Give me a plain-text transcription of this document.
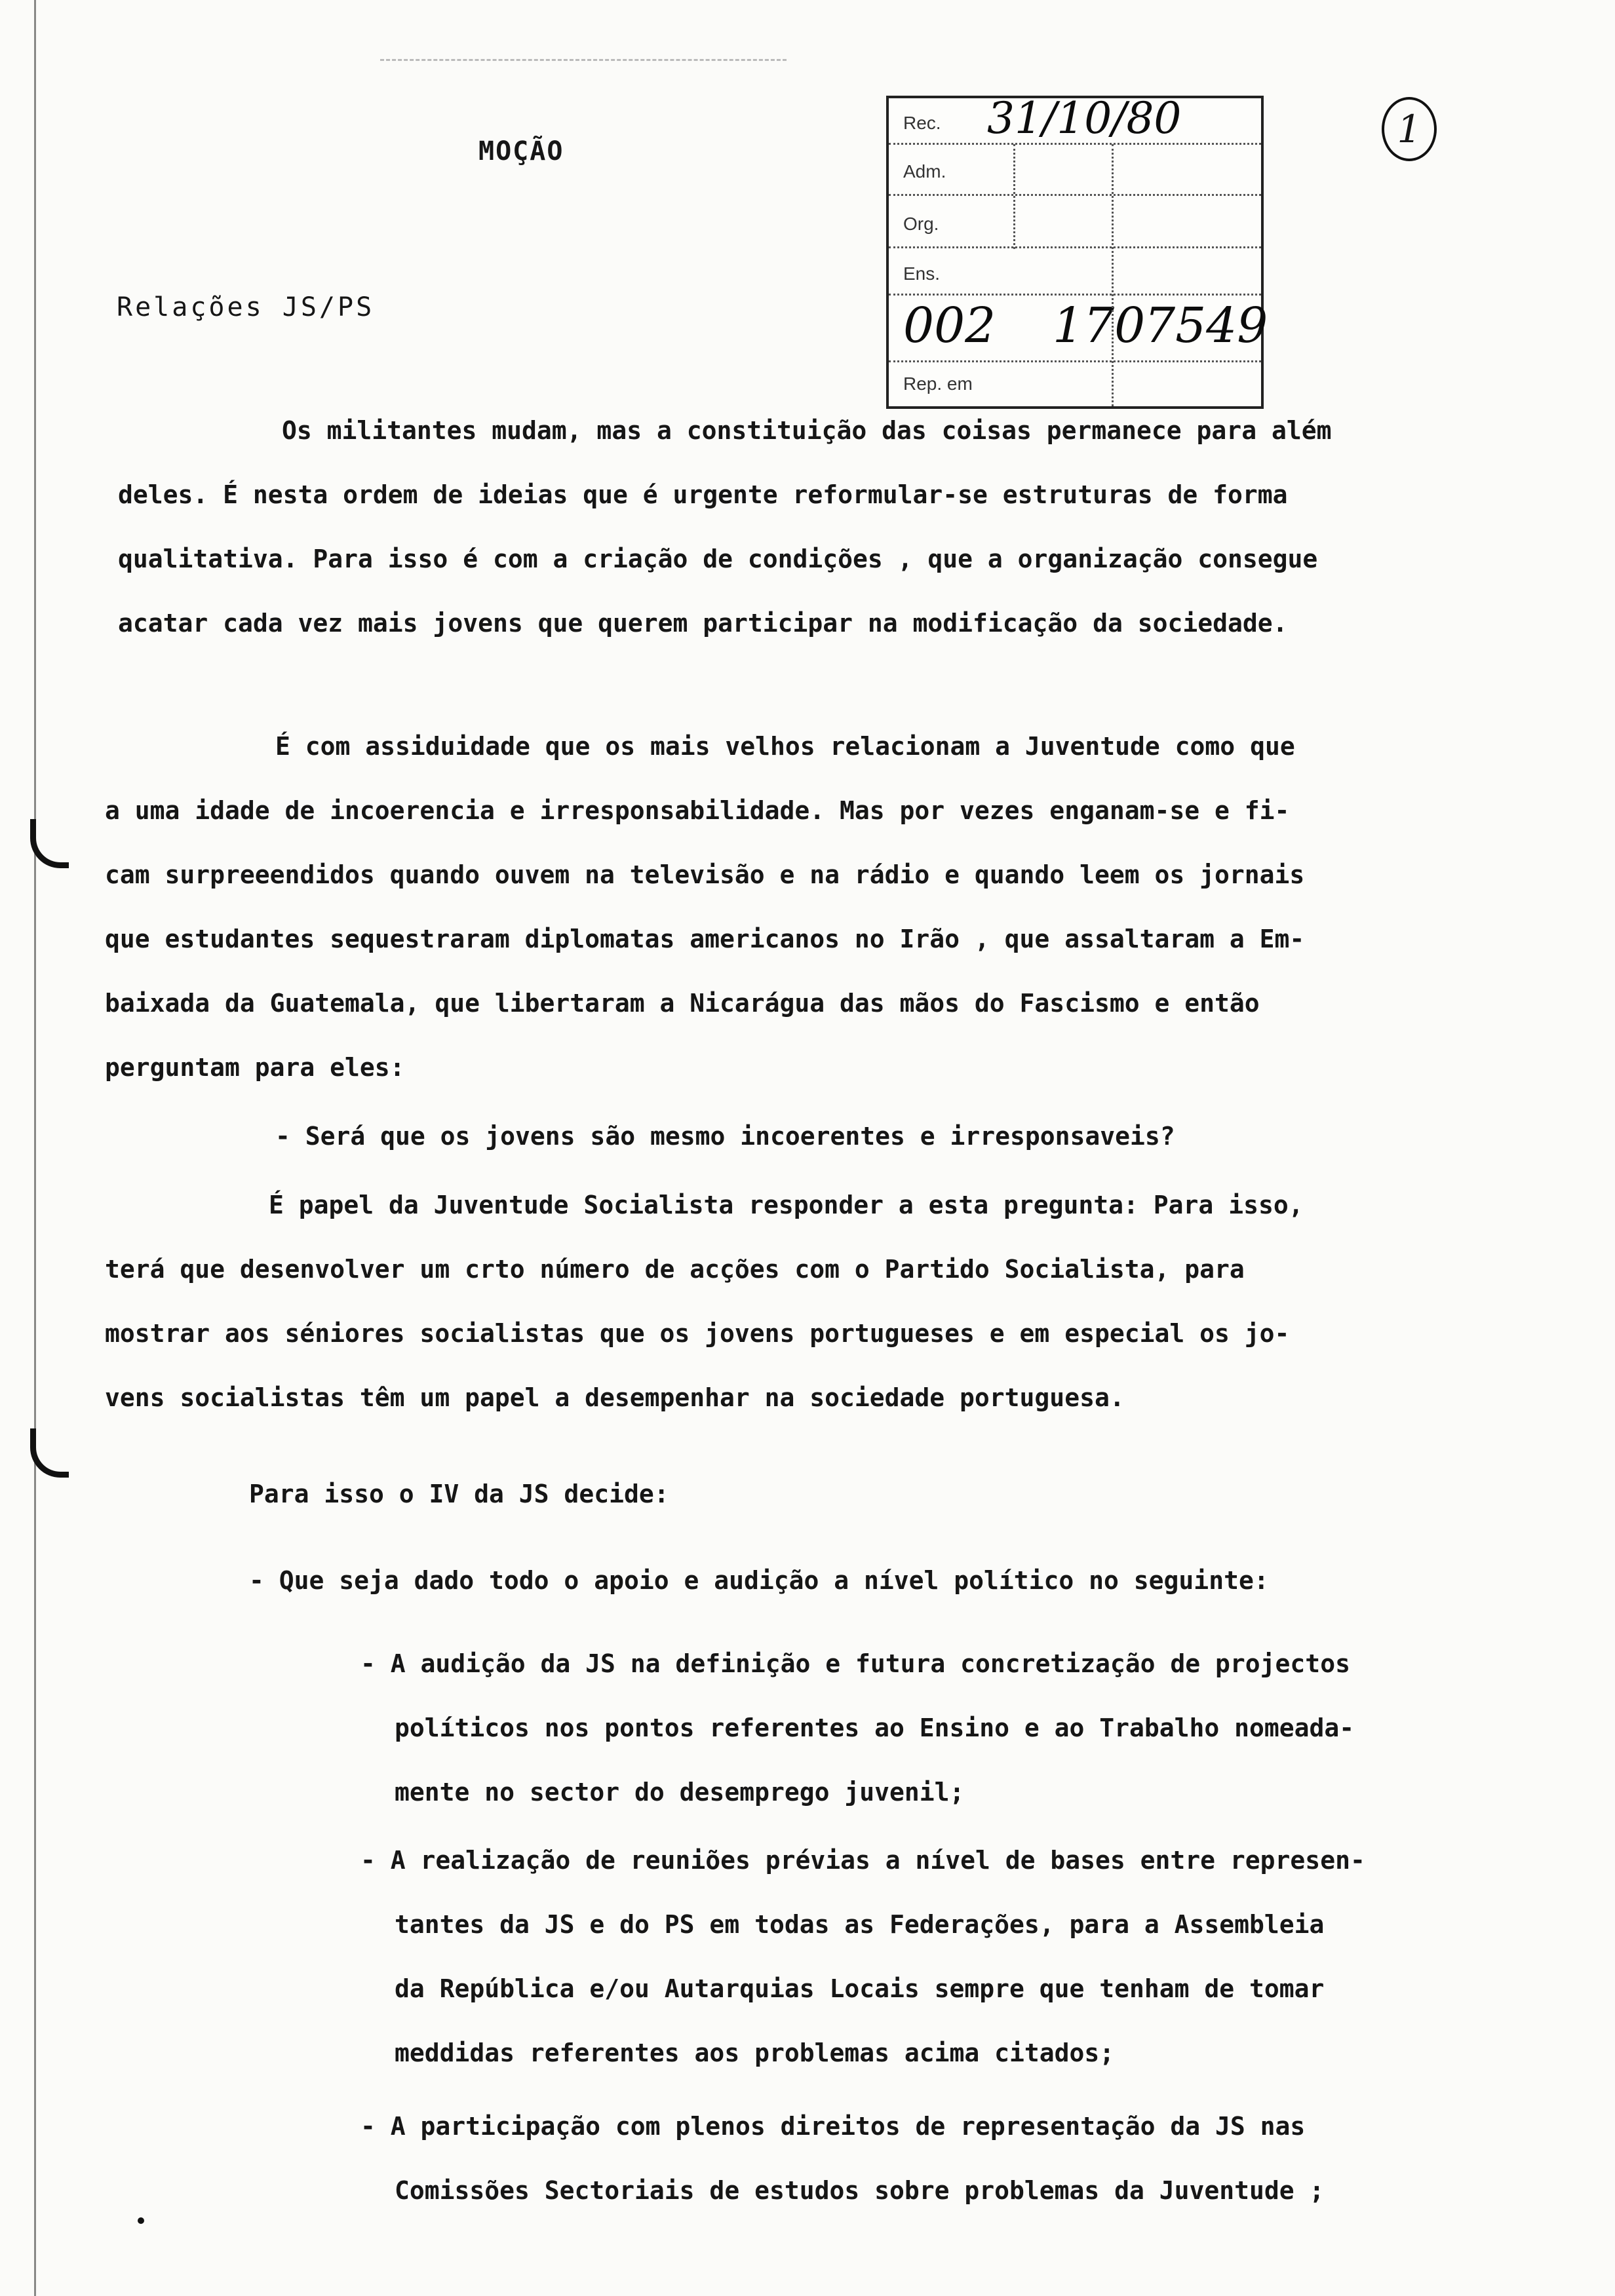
MOÇÃO
Relações JS/PS
1
Rec. 31/10/80
Adm.
Org.
Ens.
002 170
7549
Rep. em
Os militantes mudam, mas a constituição das coisas permanece para além
deles. É nesta ordem de ideias que é urgente reformular-se estruturas de forma
qualitativa. Para isso é com a criação de condições , que a organização consegue
acatar cada vez mais jovens que querem participar na modificação da sociedade.
É com assiduidade que os mais velhos relacionam a Juventude como que
a uma idade de incoerencia e irresponsabilidade. Mas por vezes enganam-se e fi-
cam surpreeendidos quando ouvem na televisão e na rádio e quando leem os jornais
que estudantes sequestraram diplomatas americanos no Irão , que assaltaram a Em-
baixada da Guatemala, que libertaram a Nicarágua das mãos do Fascismo e então
perguntam para eles:
- Será que os jovens são mesmo incoerentes e irresponsaveis?
É papel da Juventude Socialista responder a esta pregunta: Para isso,
terá que desenvolver um crto número de acções com o Partido Socialista, para
mostrar aos séniores socialistas que os jovens portugueses e em especial os jo-
vens socialistas têm um papel a desempenhar na sociedade portuguesa.
Para isso o IV da JS decide:
- Que seja dado todo o apoio e audição a nível político no seguinte:
- A audição da JS na definição e futura concretização de projectos
políticos nos pontos referentes ao Ensino e ao Trabalho nomeada-
mente no sector do desemprego juvenil;
- A realização de reuniões prévias a nível de bases entre represen-
tantes da JS e do PS em todas as Federações, para a Assembleia
da República e/ou Autarquias Locais sempre que tenham de tomar
meddidas referentes aos problemas acima citados;
- A participação com plenos direitos de representação da JS nas
Comissões Sectoriais de estudos sobre problemas da Juventude ;
